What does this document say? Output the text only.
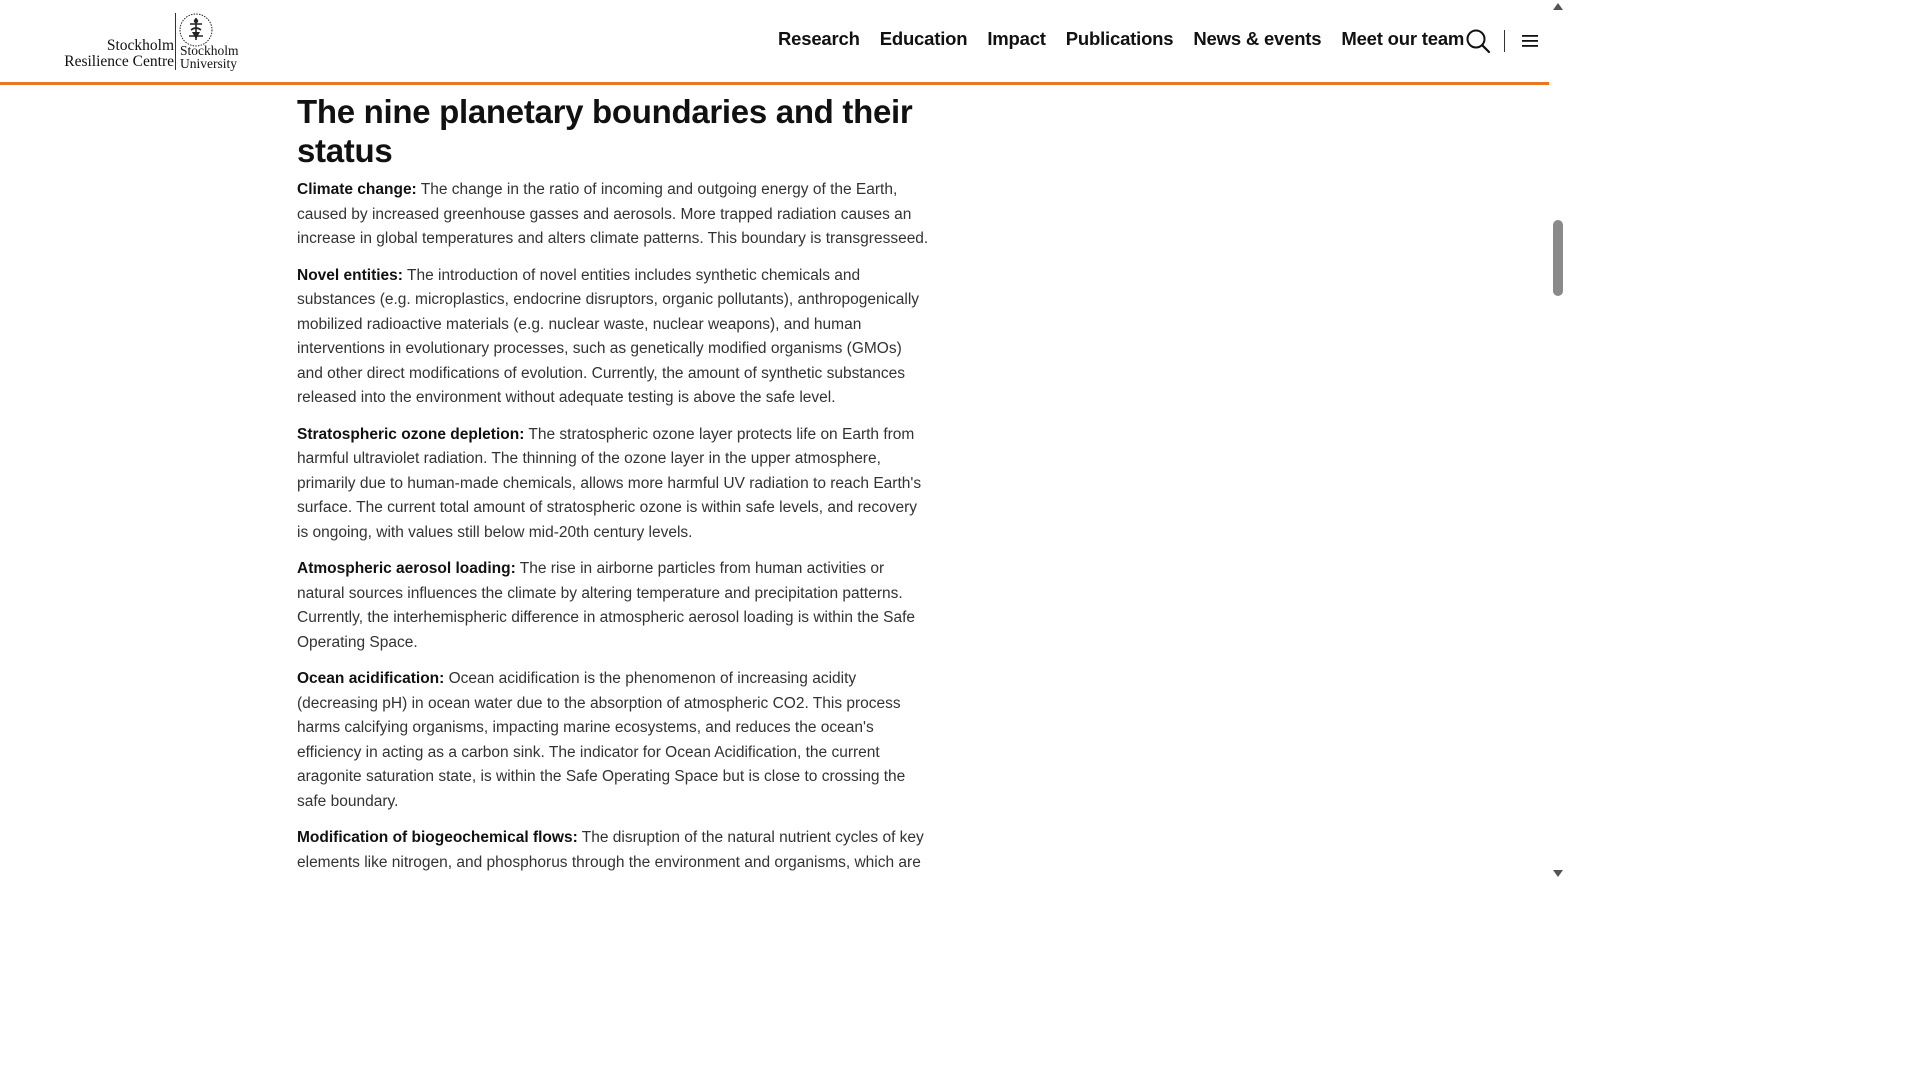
Stockholm
Resilience Centre
Stockholm
University
Research	Education	Impact	Publications	News & events	Meet our team
The nine planetary boundaries and their status

Climate change: The change in the ratio of incoming and outgoing energy of the Earth, caused by increased greenhouse gasses and aerosols. More trapped radiation causes an increase in global temperatures and alters climate patterns. This boundary is transgresseed.

Novel entities: The introduction of novel entities includes synthetic chemicals and substances (e.g. microplastics, endocrine disruptors, organic pollutants), anthropogenically mobilized radioactive materials (e.g. nuclear waste, nuclear weapons), and human interventions in evolutionary processes, such as genetically modified organisms (GMOs) and other direct modifications of evolution. Currently, the amount of synthetic substances released into the environment without adequate testing is above the safe level.

Stratospheric ozone depletion: The stratospheric ozone layer protects life on Earth from harmful ultraviolet radiation. The thinning of the ozone layer in the upper atmosphere, primarily due to human-made chemicals, allows more harmful UV radiation to reach Earth's surface. The current total amount of stratospheric ozone is within safe levels, and recovery is ongoing, with values still below mid-20th century levels.

Atmospheric aerosol loading: The rise in airborne particles from human activities or natural sources influences the climate by altering temperature and precipitation patterns. Currently, the interhemispheric difference in atmospheric aerosol loading is within the Safe Operating Space.

Ocean acidification: Ocean acidification is the phenomenon of increasing acidity (decreasing pH) in ocean water due to the absorption of atmospheric CO2. This process harms calcifying organisms, impacting marine ecosystems, and reduces the ocean's efficiency in acting as a carbon sink. The indicator for Ocean Acidification, the current aragonite saturation state, is within the Safe Operating Space but is close to crossing the safe boundary.

Modification of biogeochemical flows: The disruption of the natural nutrient cycles of key elements like nitrogen, and phosphorus through the environment and organisms, which are
